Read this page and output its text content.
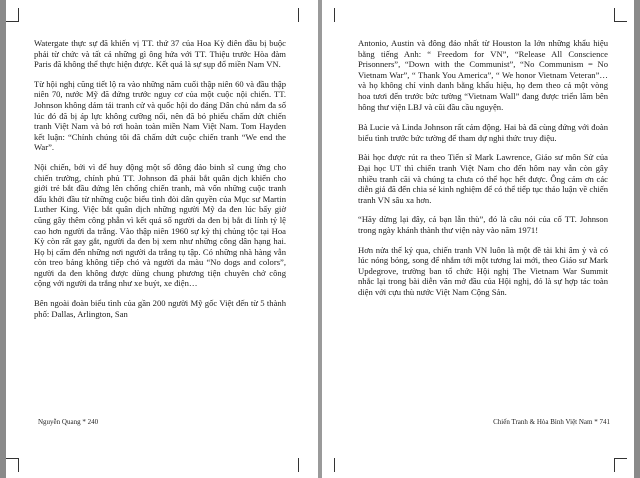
Watergate thực sự đã khiến vị TT. thứ 37 của Hoa Kỳ điên đầu bị buộc phải từ chức và tất cả những gì ông hứa với TT. Thiệu trước Hòa đàm Paris đã không thể thực hiện được. Kết quả là sự sụp đổ miền Nam VN.

Từ hội nghị cũng tiết lộ ra vào những năm cuối thập niên 60 và đầu thập niên 70, nước Mỹ đã đứng trước nguy cơ của một cuộc nội chiến. TT. Johnson không dám tái tranh cử và quốc hội do đảng Dân chủ nắm đa số lúc đó đã bị áp lực không cưỡng nổi, nên đã bỏ phiếu chấm dứt chiến tranh Việt Nam và bỏ rơi hoàn toàn miền Nam Việt Nam. Tom Hayden kết luận: “Chính chúng tôi đã chấm dứt cuộc chiến tranh “We end the War”.

Nội chiến, bởi vì để huy động một số đông đảo binh sĩ cung ứng cho chiến trường, chính phủ TT. Johnson đã phải bắt quân dịch khiến cho giới trẻ bắt đầu đứng lên chống chiến tranh, mà vốn những cuộc tranh đấu khởi đầu từ những cuộc biểu tình đòi dân quyền của Mục sư Martin Luther King. Việc bắt quân dịch những người Mỹ da đen lúc bấy giờ cũng gây thêm công phẫn vì kết quả số người da đen bị bắt đi lính tỷ lệ cao hơn người da trắng. Vào thập niên 1960 sự kỳ thị chủng tộc tại Hoa Kỳ còn rất gay gắt, người da đen bị xem như những công dân hạng hai. Họ bị cấm đến những nơi người da trắng tụ tập. Có những nhà hàng vẫn còn treo bảng không tiếp chó và người da màu “No dogs and colors”, người da đen không được dùng chung phương tiện chuyên chở công cộng với người da trắng như xe buýt, xe điện…

Bên ngoài đoàn biểu tình của gần 200 người Mỹ gốc Việt đến từ 5 thành phố: Dallas, Arlington, San

Nguyễn Quang * 240

Antonio, Austin và đông đảo nhất từ Houston la lớn những khẩu hiệu bằng tiếng Anh: “ Freedom for VN”, “Release All Conscience Prisonners”, “Down with the Communist”, “No Communism = No Vietnam War”, “ Thank You America”, “ We honor Vietnam Veteran”… và họ không chỉ vinh danh bằng khẩu hiệu, họ đem theo cả một vòng hoa tươi đến trước bức tường “Vietnam Wall” đang được triển lãm bên hông thư viện LBJ và cũi đầu cầu nguyện.

Bà Lucie và Linda Johnson rất cảm động. Hai bà đã cùng đứng với đoàn biểu tình trước bức tường để tham dự nghi thức truy điệu.

Bài học được rút ra theo Tiến sĩ Mark Lawrence, Giáo sư môn Sử của Đại học UT thì chiến tranh Việt Nam cho đến hôm nay vẫn còn gây nhiều tranh cãi và chúng ta chưa có thể học hết được. Ông cảm ơn các diễn giả đã đến chia sẻ kinh nghiệm để có thể tiếp tục thảo luận về chiến tranh VN sâu xa hơn.

“Hãy dừng lại đây, cả bạn lẫn thù”, đó là câu nói của cố TT. Johnson trong ngày khánh thành thư viện này vào năm 1971!

Hơn nửa thế kỷ qua, chiến tranh VN luôn là một đề tài khi âm ỷ và có lúc nóng bỏng, song để nhắm tới một tương lai mới, theo Giáo sư Mark Updegrove, trường ban tổ chức Hội nghị The Vietnam War Summit nhắc lại trong bài diễn văn mở đầu của Hội nghị, đó là sự hợp tác toàn diện với cựu thù nước Việt Nam Cộng Sản.

Chiến Tranh & Hòa Bình Việt Nam * 741
